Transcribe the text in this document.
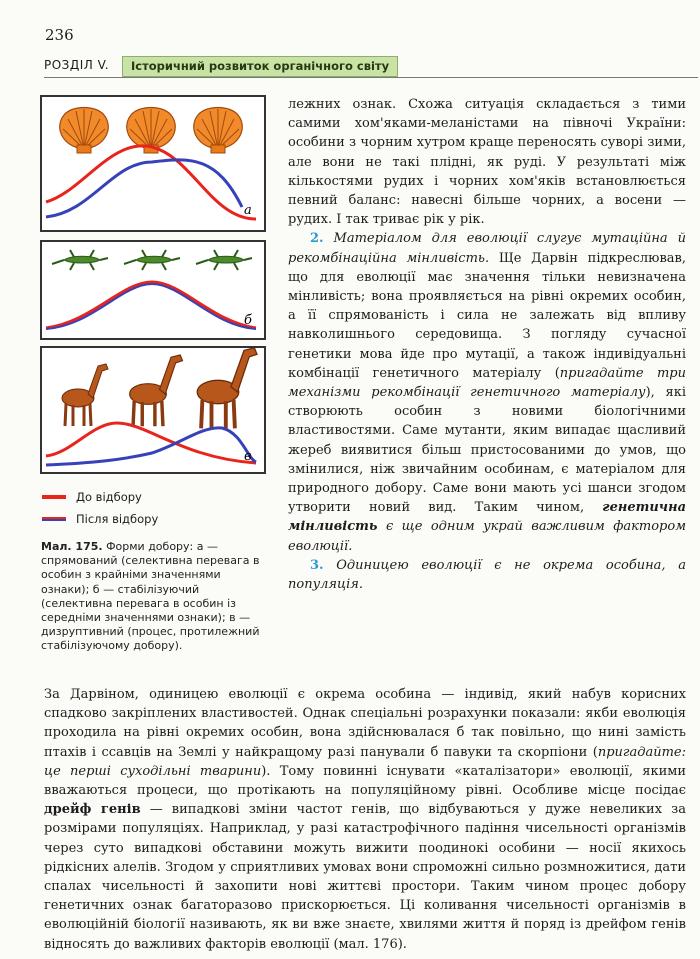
236
РОЗДІЛ V.	Історичний розвиток органічного світу
а
б
в
До відбору
Після відбору
Мал. 175. Форми добору: а — спрямований (селективна перевага в особин з крайніми значеннями ознаки); б — стабілізуючий (селективна перевага в особин із середніми значеннями ознаки); в — дизруптивний (процес, протилежний стабілізуючому добору).

лежних ознак. Схожа ситуація складається з тими самими хом'яками-меланістами на півночі України: особини з чорним хутром краще переносять суворі зими, але вони не такі плідні, як руді. У результаті між кількостями рудих і чорних хом'яків встановлюється певний баланс: навесні більше чорних, а восени — рудих. І так триває рік у рік.

2. Матеріалом для еволюції слугує мутаційна й рекомбінаційна мінливість. Ще Дарвін підкреслював, що для еволюції має значення тільки невизначена мінливість; вона проявляється на рівні окремих особин, а її спрямованість і сила не залежать від впливу навколишнього середовища. З погляду сучасної генетики мова йде про мутації, а також індивідуальні комбінації генетичного матеріалу (пригадайте три механізми рекомбінації генетичного матеріалу), які створюють особин з новими біологічними властивостями. Саме мутанти, яким випадає щасливий жереб виявитися більш пристосованими до умов, що змінилися, ніж звичайним особинам, є матеріалом для природного добору. Саме вони мають усі шанси згодом утворити новий вид. Таким чином, генетична мінливість є ще одним украй важливим фактором еволюції.

3. Одиницею еволюції є не окрема особина, а популяція.

За Дарвіном, одиницею еволюції є окрема особина — індивід, який набув корисних спадково закріплених властивостей. Однак спеціальні розрахунки показали: якби еволюція проходила на рівні окремих особин, вона здійснювалася б так повільно, що нині замість птахів і ссавців на Землі у найкращому разі панували б павуки та скорпіони (пригадайте: це перші суходільні тварини). Тому повинні існувати «каталізатори» еволюції, якими вважаються процеси, що протікають на популяційному рівні. Особливе місце посідає дрейф генів — випадкові зміни частот генів, що відбуваються у дуже невеликих за розмірами популяціях. Наприклад, у разі катастрофічного падіння чисельності організмів через суто випадкові обставини можуть вижити поодинокі особини — носії якихось рідкісних алелів. Згодом у сприятливих умовах вони спроможні сильно розмножитися, дати спалах чисельності й захопити нові життєві простори. Таким чином процес добору генетичних ознак багаторазово прискорюється. Ці коливання чисельності організмів в еволюційній біології називають, як ви вже знаєте, хвилями життя й поряд із дрейфом генів відносять до важливих факторів еволюції (мал. 176).
